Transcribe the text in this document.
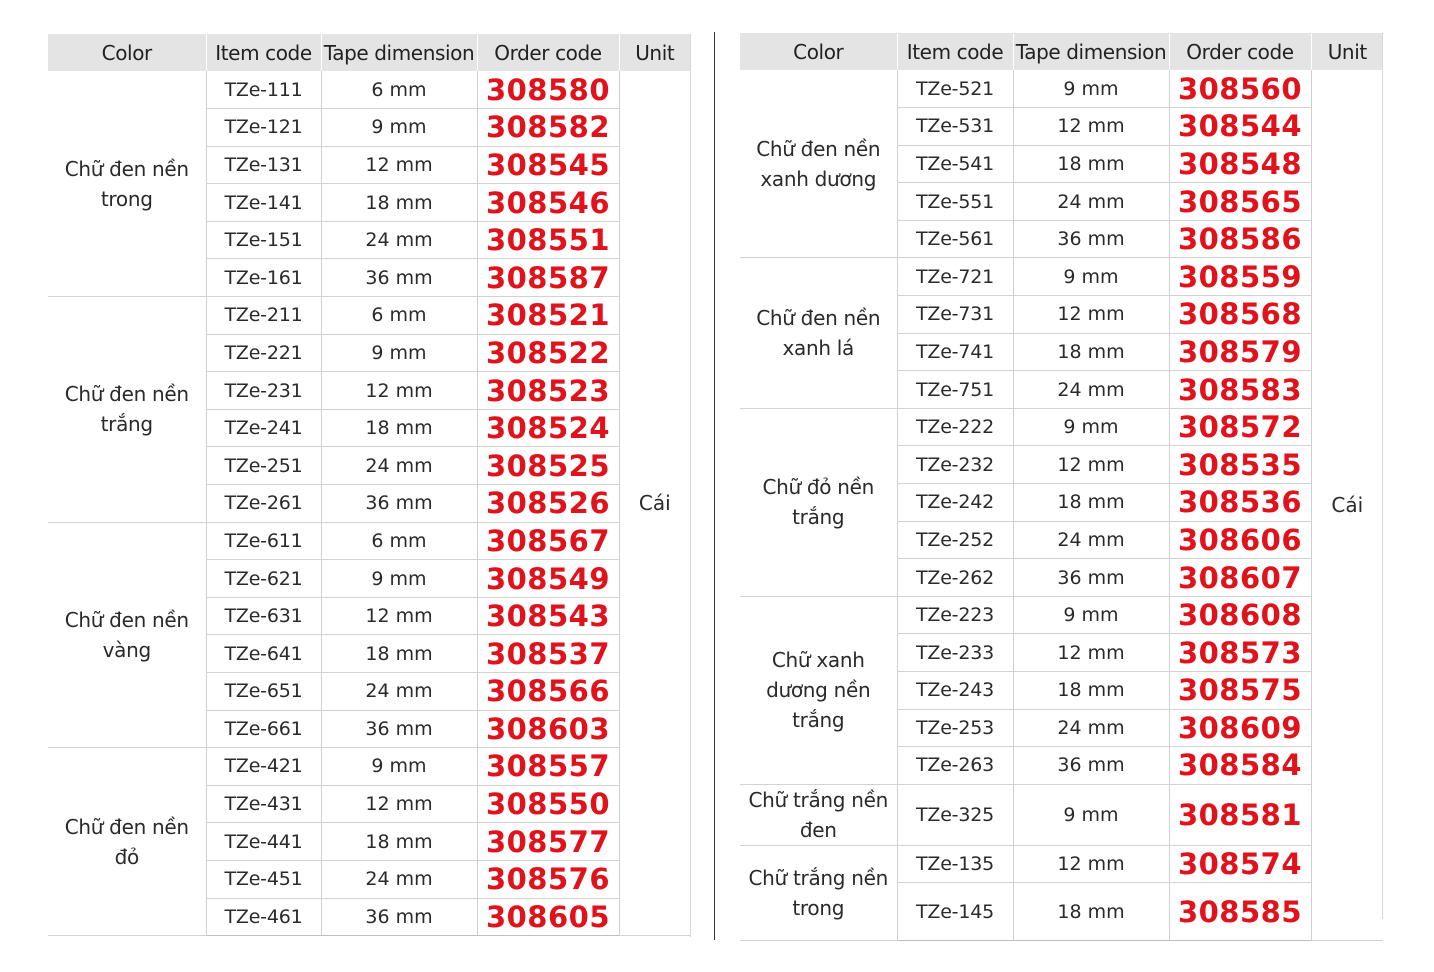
Color	Item code	Tape dimension	Order code	Unit
Chữ đen nền trong	TZe-111	6 mm	308580	Cái
	TZe-121	9 mm	308582	
	TZe-131	12 mm	308545	
	TZe-141	18 mm	308546	
	TZe-151	24 mm	308551	
	TZe-161	36 mm	308587	
Chữ đen nền trắng	TZe-211	6 mm	308521	
	TZe-221	9 mm	308522	
	TZe-231	12 mm	308523	
	TZe-241	18 mm	308524	
	TZe-251	24 mm	308525	
	TZe-261	36 mm	308526	
Chữ đen nền vàng	TZe-611	6 mm	308567	
	TZe-621	9 mm	308549	
	TZe-631	12 mm	308543	
	TZe-641	18 mm	308537	
	TZe-651	24 mm	308566	
	TZe-661	36 mm	308603	
Chữ đen nền đỏ	TZe-421	9 mm	308557	
	TZe-431	12 mm	308550	
	TZe-441	18 mm	308577	
	TZe-451	24 mm	308576	
	TZe-461	36 mm	308605	
Color	Item code	Tape dimension	Order code	Unit
Chữ đen nền xanh dương	TZe-521	9 mm	308560	Cái
	TZe-531	12 mm	308544	
	TZe-541	18 mm	308548	
	TZe-551	24 mm	308565	
	TZe-561	36 mm	308586	
Chữ đen nền xanh lá	TZe-721	9 mm	308559	
	TZe-731	12 mm	308568	
	TZe-741	18 mm	308579	
	TZe-751	24 mm	308583	
Chữ đỏ nền trắng	TZe-222	9 mm	308572	
	TZe-232	12 mm	308535	
	TZe-242	18 mm	308536	
	TZe-252	24 mm	308606	
	TZe-262	36 mm	308607	
Chữ xanh dương nền trắng	TZe-223	9 mm	308608	
	TZe-233	12 mm	308573	
	TZe-243	18 mm	308575	
	TZe-253	24 mm	308609	
	TZe-263	36 mm	308584	
Chữ trắng nền đen	TZe-325	9 mm	308581	
Chữ trắng nền trong	TZe-135	12 mm	308574	
	TZe-145	18 mm	308585	
